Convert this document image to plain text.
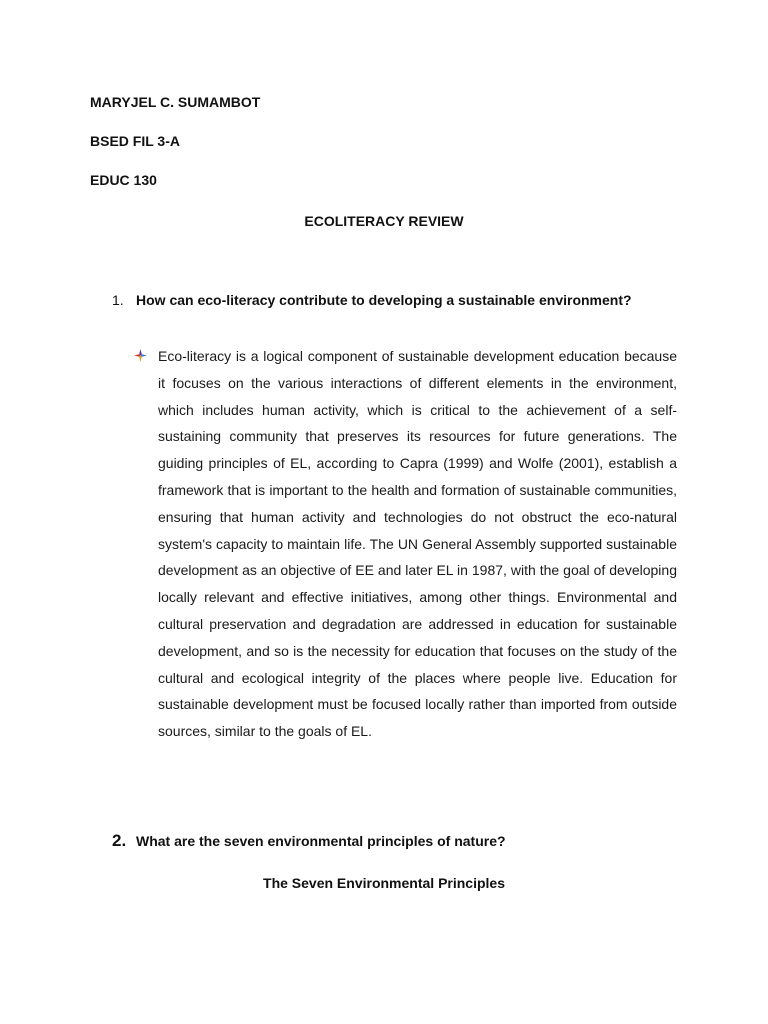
MARYJEL C. SUMAMBOT
BSED FIL 3-A
EDUC 130
ECOLITERACY REVIEW
1. How can eco-literacy contribute to developing a sustainable environment?
Eco-literacy is a logical component of sustainable development education because it focuses on the various interactions of different elements in the environment, which includes human activity, which is critical to the achievement of a self-sustaining community that preserves its resources for future generations. The guiding principles of EL, according to Capra (1999) and Wolfe (2001), establish a framework that is important to the health and formation of sustainable communities, ensuring that human activity and technologies do not obstruct the eco-natural system's capacity to maintain life. The UN General Assembly supported sustainable development as an objective of EE and later EL in 1987, with the goal of developing locally relevant and effective initiatives, among other things. Environmental and cultural preservation and degradation are addressed in education for sustainable development, and so is the necessity for education that focuses on the study of the cultural and ecological integrity of the places where people live. Education for sustainable development must be focused locally rather than imported from outside sources, similar to the goals of EL.
2. What are the seven environmental principles of nature?
The Seven Environmental Principles
